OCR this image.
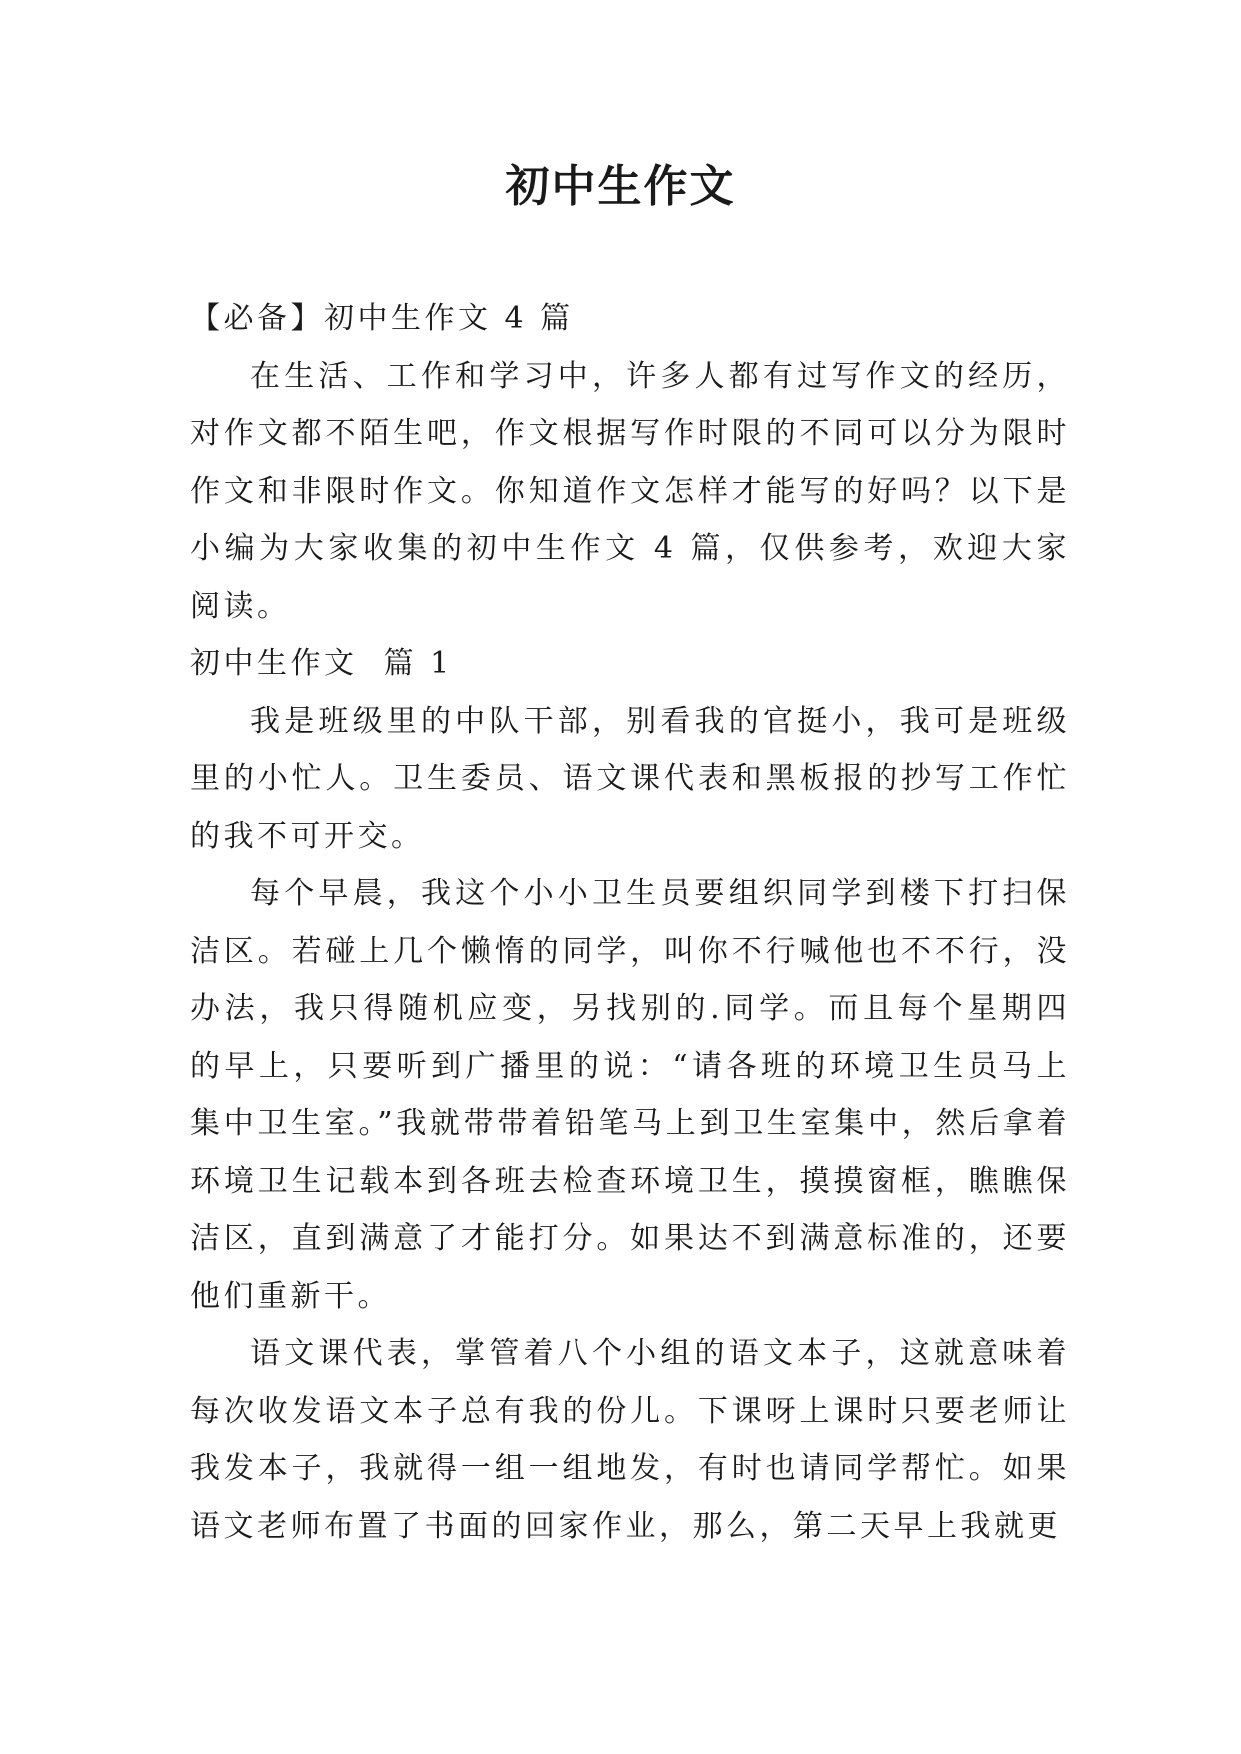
初中生作文

【必备】初中生作文 4 篇

在生活、工作和学习中，许多人都有过写作文的经历，对作文都不陌生吧，作文根据写作时限的不同可以分为限时作文和非限时作文。你知道作文怎样才能写的好吗？以下是小编为大家收集的初中生作文 4 篇，仅供参考，欢迎大家阅读。

初中生作文  篇 1

我是班级里的中队干部，别看我的官挺小，我可是班级里的小忙人。卫生委员、语文课代表和黑板报的抄写工作忙的我不可开交。

每个早晨，我这个小小卫生员要组织同学到楼下打扫保洁区。若碰上几个懒惰的同学，叫你不行喊他也不不行，没办法，我只得随机应变，另找别的.同学。而且每个星期四的早上，只要听到广播里的说：“请各班的环境卫生员马上集中卫生室。”我就带带着铅笔马上到卫生室集中，然后拿着环境卫生记载本到各班去检查环境卫生，摸摸窗框，瞧瞧保洁区，直到满意了才能打分。如果达不到满意标准的，还要他们重新干。

语文课代表，掌管着八个小组的语文本子，这就意味着每次收发语文本子总有我的份儿。下课呀上课时只要老师让我发本子，我就得一组一组地发，有时也请同学帮忙。如果语文老师布置了书面的回家作业，那么，第二天早上我就更
